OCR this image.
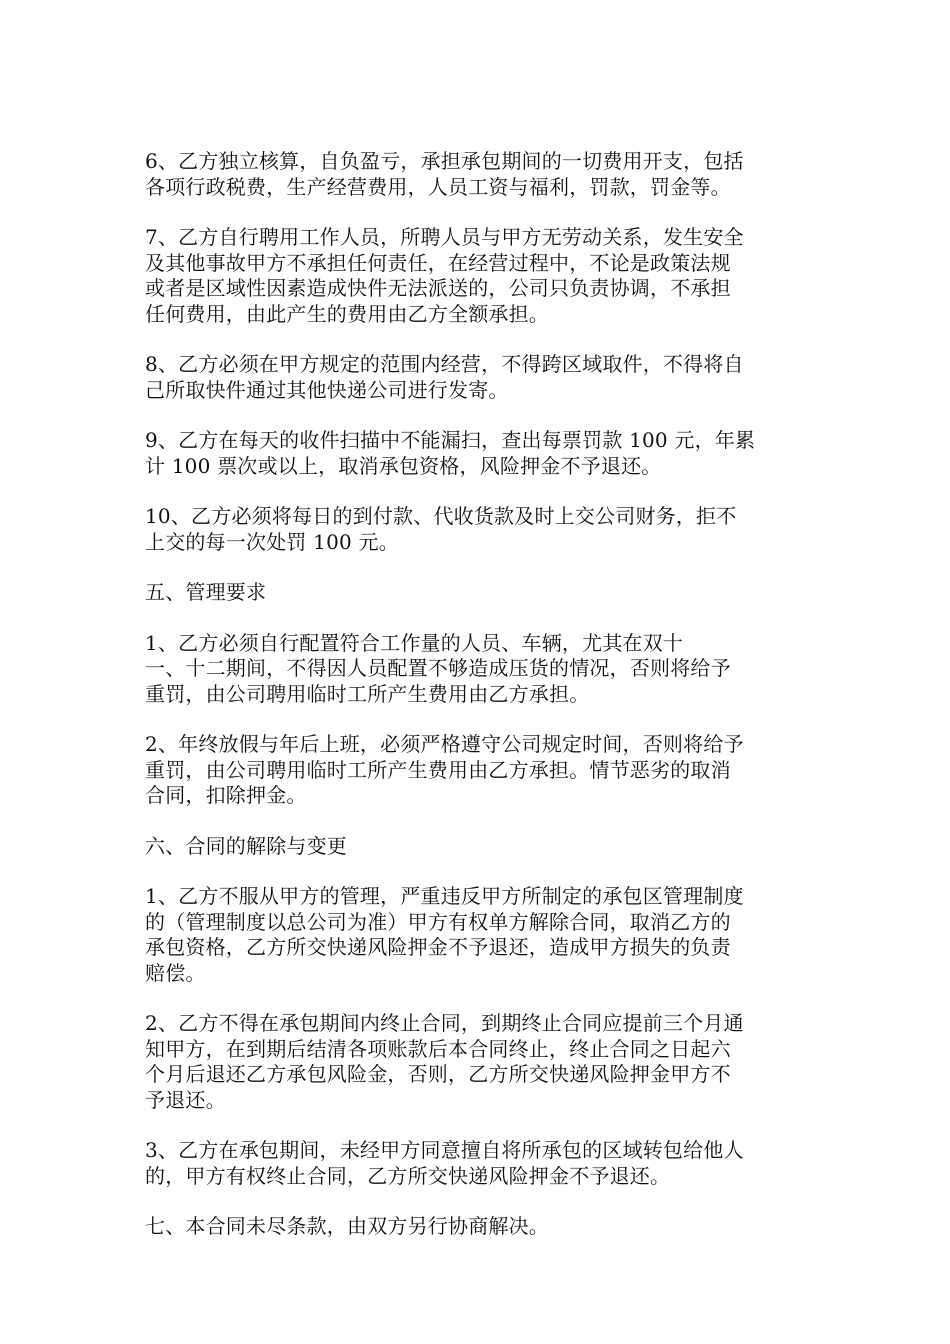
6、乙方独立核算，自负盈亏，承担承包期间的一切费用开支，包括
各项行政税费，生产经营费用，人员工资与福利，罚款，罚金等。
7、乙方自行聘用工作人员，所聘人员与甲方无劳动关系，发生安全
及其他事故甲方不承担任何责任，在经营过程中，不论是政策法规
或者是区域性因素造成快件无法派送的，公司只负责协调，不承担
任何费用，由此产生的费用由乙方全额承担。
8、乙方必须在甲方规定的范围内经营，不得跨区域取件，不得将自
己所取快件通过其他快递公司进行发寄。
9、乙方在每天的收件扫描中不能漏扫，查出每票罚款 100 元，年累
计 100 票次或以上，取消承包资格，风险押金不予退还。
10、乙方必须将每日的到付款、代收货款及时上交公司财务，拒不
上交的每一次处罚 100 元。
五、管理要求
1、乙方必须自行配置符合工作量的人员、车辆，尤其在双十
一、十二期间，不得因人员配置不够造成压货的情况，否则将给予
重罚，由公司聘用临时工所产生费用由乙方承担。
2、年终放假与年后上班，必须严格遵守公司规定时间，否则将给予
重罚，由公司聘用临时工所产生费用由乙方承担。情节恶劣的取消
合同，扣除押金。
六、合同的解除与变更
1、乙方不服从甲方的管理，严重违反甲方所制定的承包区管理制度
的（管理制度以总公司为准）甲方有权单方解除合同，取消乙方的
承包资格，乙方所交快递风险押金不予退还，造成甲方损失的负责
赔偿。
2、乙方不得在承包期间内终止合同，到期终止合同应提前三个月通
知甲方，在到期后结清各项账款后本合同终止，终止合同之日起六
个月后退还乙方承包风险金，否则，乙方所交快递风险押金甲方不
予退还。
3、乙方在承包期间，未经甲方同意擅自将所承包的区域转包给他人
的，甲方有权终止合同，乙方所交快递风险押金不予退还。
七、本合同未尽条款，由双方另行协商解决。
